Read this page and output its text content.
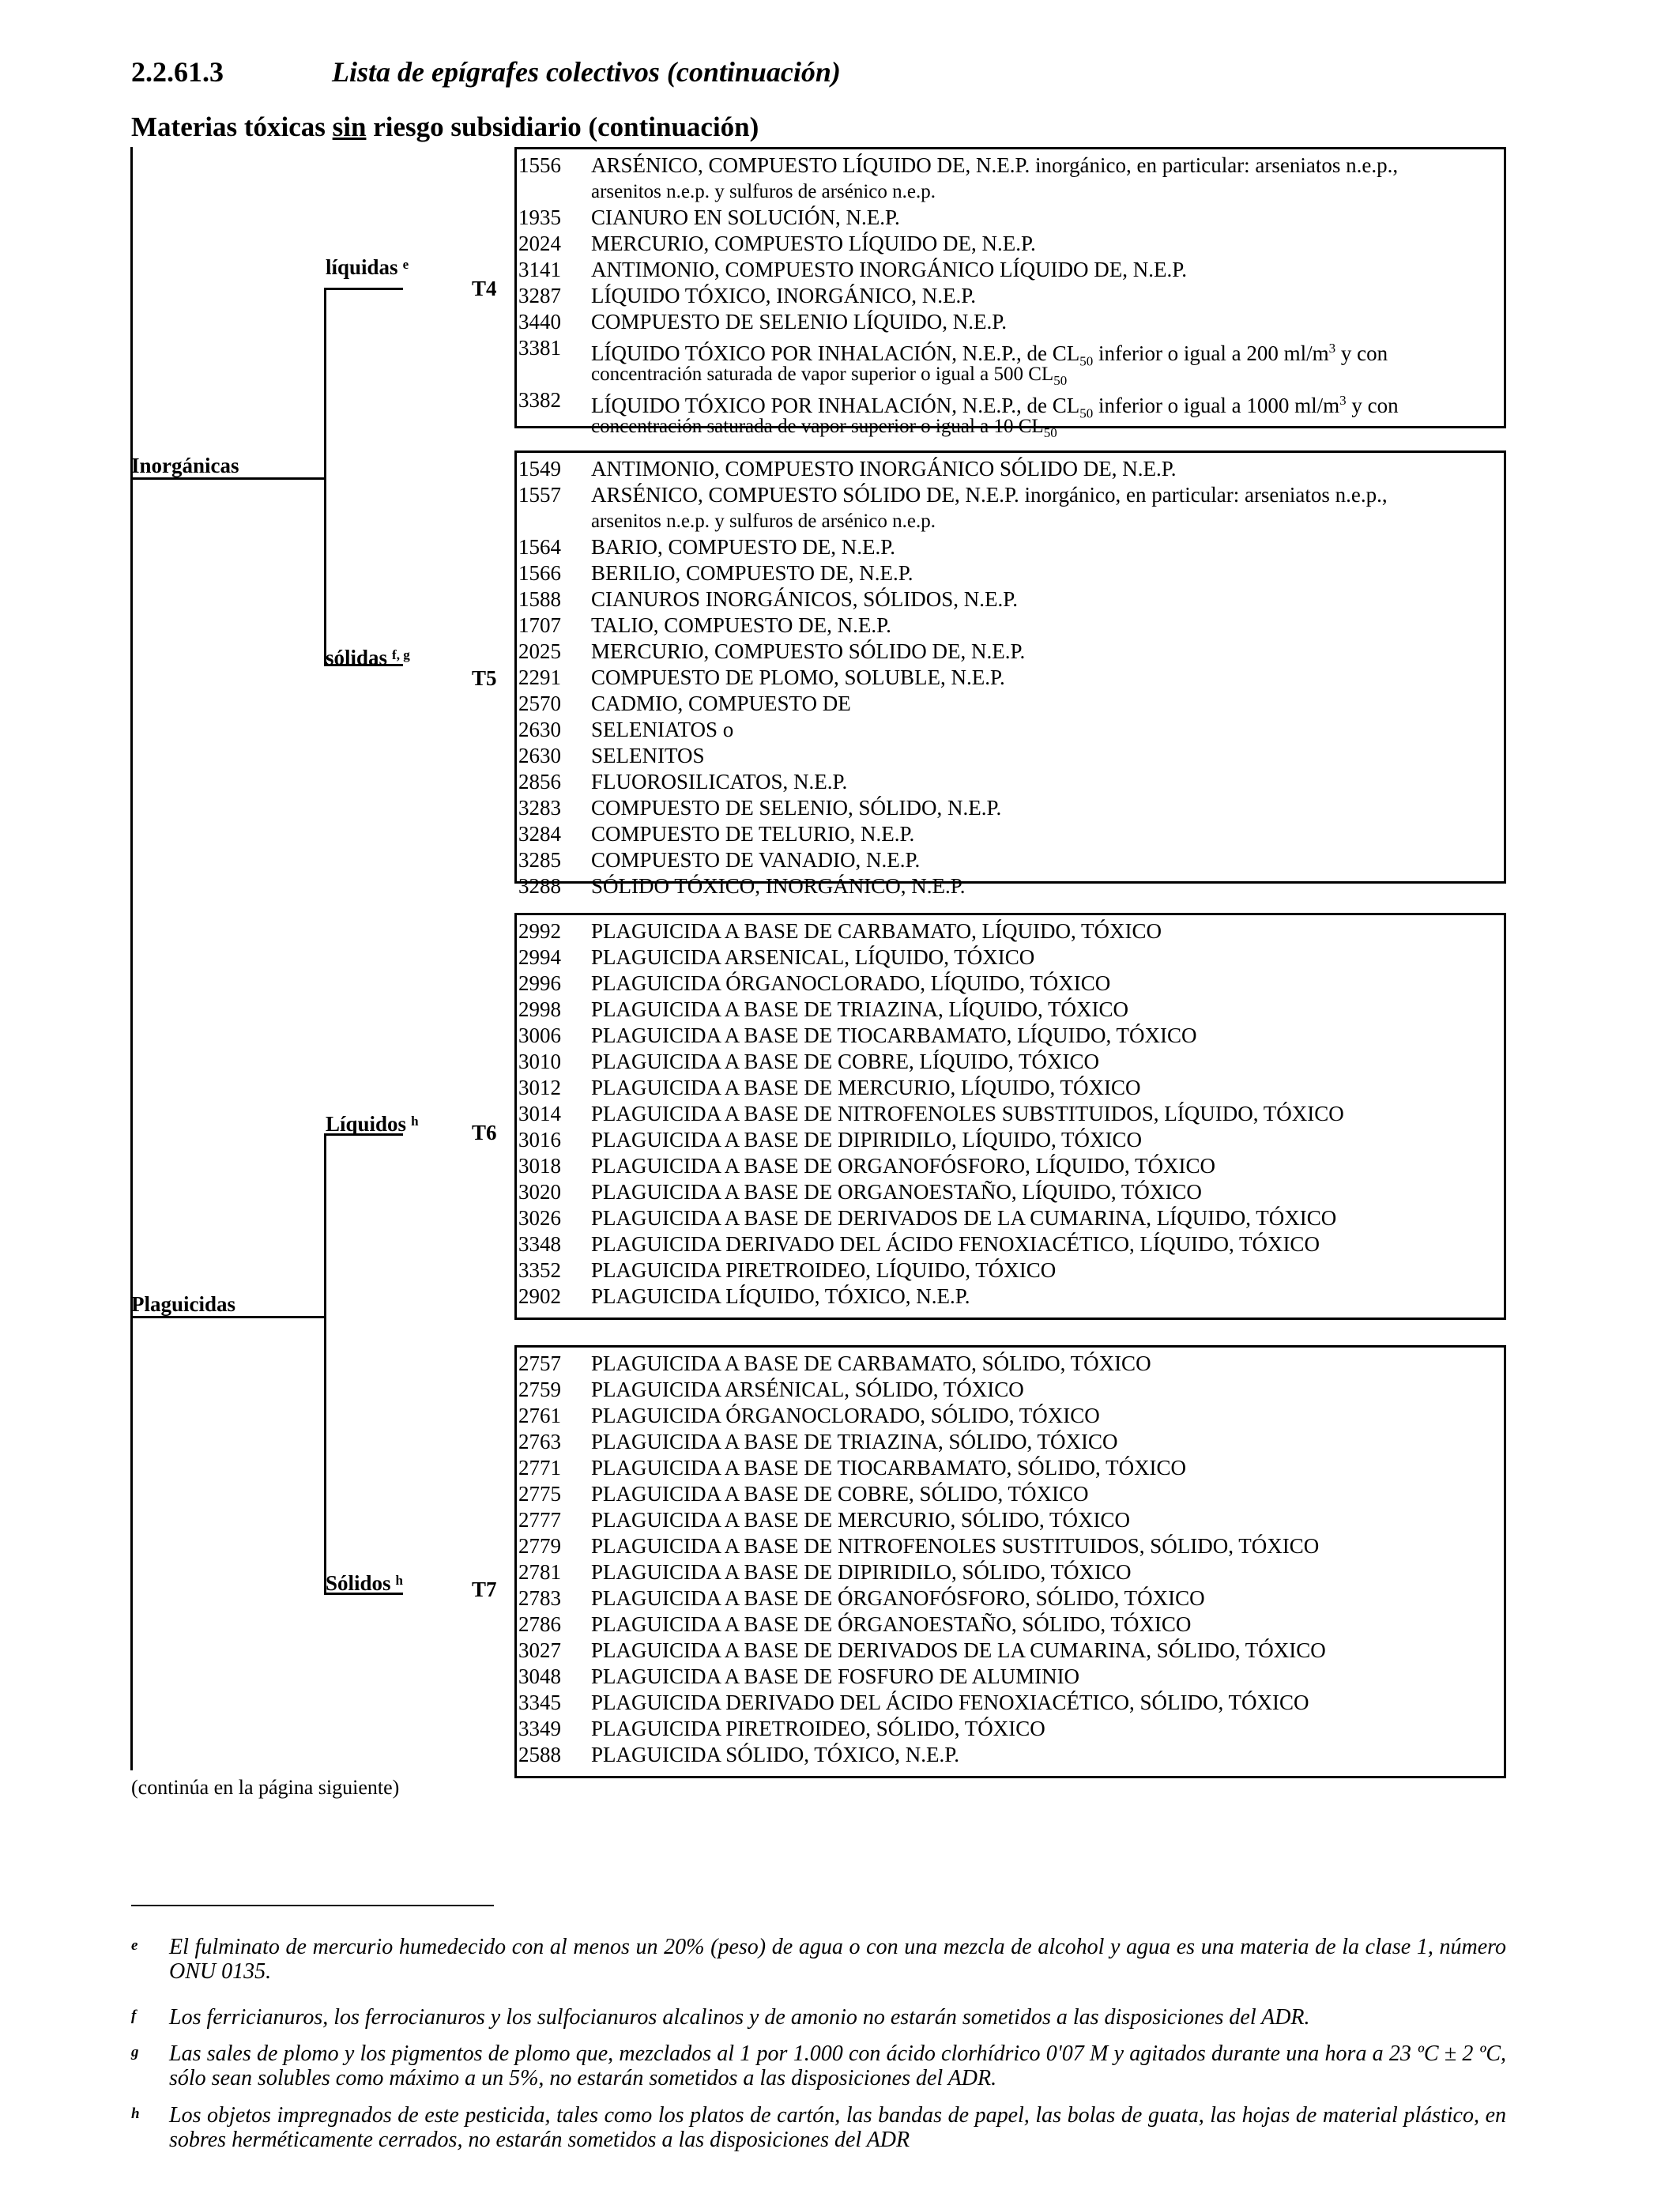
2.2.61.3	Lista de epígrafes colectivos (continuación)
Materias tóxicas sin riesgo subsidiario (continuación)
Inorgánicas
Plaguicidas
líquidas $^e$
T4
sólidas $^{f, g}$
T5
Líquidos $^h$ T6
Sólidos $^h$	T7
1556 ARSÉNICO, COMPUESTO LÍQUIDO DE, N.E.P. inorgánico, en particular: arseniatos n.e.p.,
arsenitos n.e.p. y sulfuros de arsénico n.e.p.
1935 CIANURO EN SOLUCIÓN, N.E.P.
2024 MERCURIO, COMPUESTO LÍQUIDO DE, N.E.P.
3141 ANTIMONIO, COMPUESTO INORGÁNICO LÍQUIDO DE, N.E.P.
3287 LÍQUIDO TÓXICO, INORGÁNICO, N.E.P.
3440 COMPUESTO DE SELENIO LÍQUIDO, N.E.P.
3381 LÍQUIDO TÓXICO POR INHALACIÓN, N.E.P., de $CL_{50}$ inferior o igual a 200 $ml/m^3$ y con
concentración saturada de vapor superior o igual a 500 $CL_{50}$
3382 LÍQUIDO TÓXICO POR INHALACIÓN, N.E.P., de $CL_{50}$ inferior o igual a 1000 $ml/m^3$ y con
concentración saturada de vapor superior o igual a 10 $CL_{50}$
1549 ANTIMONIO, COMPUESTO INORGÁNICO SÓLIDO DE, N.E.P.
1557 ARSÉNICO, COMPUESTO SÓLIDO DE, N.E.P. inorgánico, en particular: arseniatos n.e.p.,
arsenitos n.e.p. y sulfuros de arsénico n.e.p.
1564 BARIO, COMPUESTO DE, N.E.P.
1566 BERILIO, COMPUESTO DE, N.E.P.
1588 CIANUROS INORGÁNICOS, SÓLIDOS, N.E.P.
1707 TALIO, COMPUESTO DE, N.E.P.
2025 MERCURIO, COMPUESTO SÓLIDO DE, N.E.P.
2291 COMPUESTO DE PLOMO, SOLUBLE, N.E.P.
2570 CADMIO, COMPUESTO DE
2630 SELENIATOS o
2630 SELENITOS
2856 FLUOROSILICATOS, N.E.P.
3283 COMPUESTO DE SELENIO, SÓLIDO, N.E.P.
3284 COMPUESTO DE TELURIO, N.E.P.
3285 COMPUESTO DE VANADIO, N.E.P.
3288 SÓLIDO TÓXICO, INORGÁNICO, N.E.P.
2992 PLAGUICIDA A BASE DE CARBAMATO, LÍQUIDO, TÓXICO
2994 PLAGUICIDA ARSENICAL, LÍQUIDO, TÓXICO
2996 PLAGUICIDA ÓRGANOCLORADO, LÍQUIDO, TÓXICO
2998 PLAGUICIDA A BASE DE TRIAZINA, LÍQUIDO, TÓXICO
3006 PLAGUICIDA A BASE DE TIOCARBAMATO, LÍQUIDO, TÓXICO
3010 PLAGUICIDA A BASE DE COBRE, LÍQUIDO, TÓXICO
3012 PLAGUICIDA A BASE DE MERCURIO, LÍQUIDO, TÓXICO
3014 PLAGUICIDA A BASE DE NITROFENOLES SUBSTITUIDOS, LÍQUIDO, TÓXICO
3016 PLAGUICIDA A BASE DE DIPIRIDILO, LÍQUIDO, TÓXICO
3018 PLAGUICIDA A BASE DE ORGANOFÓSFORO, LÍQUIDO, TÓXICO
3020 PLAGUICIDA A BASE DE ORGANOESTAÑO, LÍQUIDO, TÓXICO
3026 PLAGUICIDA A BASE DE DERIVADOS DE LA CUMARINA, LÍQUIDO, TÓXICO
3348 PLAGUICIDA DERIVADO DEL ÁCIDO FENOXIACÉTICO, LÍQUIDO, TÓXICO
3352 PLAGUICIDA PIRETROIDEO, LÍQUIDO, TÓXICO
2902 PLAGUICIDA LÍQUIDO, TÓXICO, N.E.P.
2757 PLAGUICIDA A BASE DE CARBAMATO, SÓLIDO, TÓXICO
2759 PLAGUICIDA ARSÉNICAL, SÓLIDO, TÓXICO
2761 PLAGUICIDA ÓRGANOCLORADO, SÓLIDO, TÓXICO
2763 PLAGUICIDA A BASE DE TRIAZINA, SÓLIDO, TÓXICO
2771 PLAGUICIDA A BASE DE TIOCARBAMATO, SÓLIDO, TÓXICO
2775 PLAGUICIDA A BASE DE COBRE, SÓLIDO, TÓXICO
2777 PLAGUICIDA A BASE DE MERCURIO, SÓLIDO, TÓXICO
2779 PLAGUICIDA A BASE DE NITROFENOLES SUSTITUIDOS, SÓLIDO, TÓXICO
2781 PLAGUICIDA A BASE DE DIPIRIDILO, SÓLIDO, TÓXICO
2783 PLAGUICIDA A BASE DE ÓRGANOFÓSFORO, SÓLIDO, TÓXICO
2786 PLAGUICIDA A BASE DE ÓRGANOESTAÑO, SÓLIDO, TÓXICO
3027 PLAGUICIDA A BASE DE DERIVADOS DE LA CUMARINA, SÓLIDO, TÓXICO
3048 PLAGUICIDA A BASE DE FOSFURO DE ALUMINIO
3345 PLAGUICIDA DERIVADO DEL ÁCIDO FENOXIACÉTICO, SÓLIDO, TÓXICO
3349 PLAGUICIDA PIRETROIDEO, SÓLIDO, TÓXICO
2588 PLAGUICIDA SÓLIDO, TÓXICO, N.E.P.
(continúa en la página siguiente)
e El fulminato de mercurio humedecido con al menos un 20% (peso) de agua o con una mezcla de alcohol y agua es una materia de la clase 1, número ONU 0135.
f Los ferricianuros, los ferrocianuros y los sulfocianuros alcalinos y de amonio no estarán sometidos a las disposiciones del ADR.
g Las sales de plomo y los pigmentos de plomo que, mezclados al 1 por 1.000 con ácido clorhídrico 0'07 M y agitados durante una hora a 23 ºC ± 2 ºC, sólo sean solubles como máximo a un 5%, no estarán sometidos a las disposiciones del ADR.
h Los objetos impregnados de este pesticida, tales como los platos de cartón, las bandas de papel, las bolas de guata, las hojas de material plástico, en sobres herméticamente cerrados, no estarán sometidos a las disposiciones del ADR
